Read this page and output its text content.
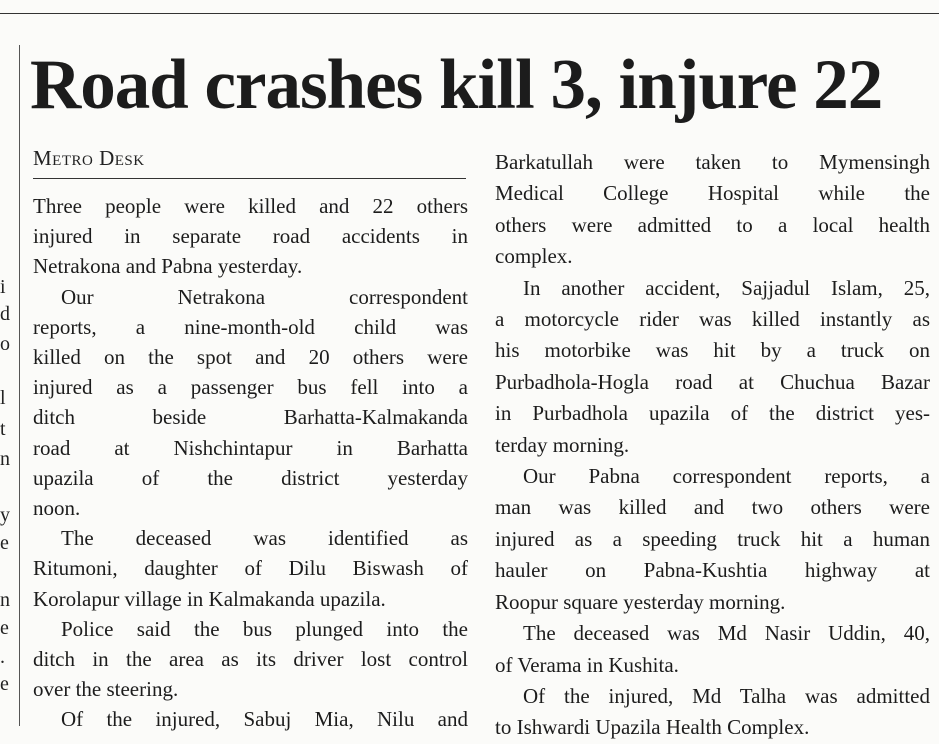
i
d
o
l
t
n
y
e
n
e
.
e
Road crashes kill 3, injure 22
Metro Desk
Three people were killed and 22 others
injured in separate road accidents in
Netrakona and Pabna yesterday.
Our Netrakona correspondent
reports, a nine-month-old child was
killed on the spot and 20 others were
injured as a passenger bus fell into a
ditch beside Barhatta-Kalmakanda
road at Nishchintapur in Barhatta
upazila of the district yesterday
noon.
The deceased was identified as
Ritumoni, daughter of Dilu Biswash of
Korolapur village in Kalmakanda upazila.
Police said the bus plunged into the
ditch in the area as its driver lost control
over the steering.
Of the injured, Sabuj Mia, Nilu and
Barkatullah were taken to Mymensingh
Medical College Hospital while the
others were admitted to a local health
complex.
In another accident, Sajjadul Islam, 25,
a motorcycle rider was killed instantly as
his motorbike was hit by a truck on
Purbadhola-Hogla road at Chuchua Bazar
in Purbadhola upazila of the district yes-
terday morning.
Our Pabna correspondent reports, a
man was killed and two others were
injured as a speeding truck hit a human
hauler on Pabna-Kushtia highway at
Roopur square yesterday morning.
The deceased was Md Nasir Uddin, 40,
of Verama in Kushita.
Of the injured, Md Talha was admitted
to Ishwardi Upazila Health Complex.
